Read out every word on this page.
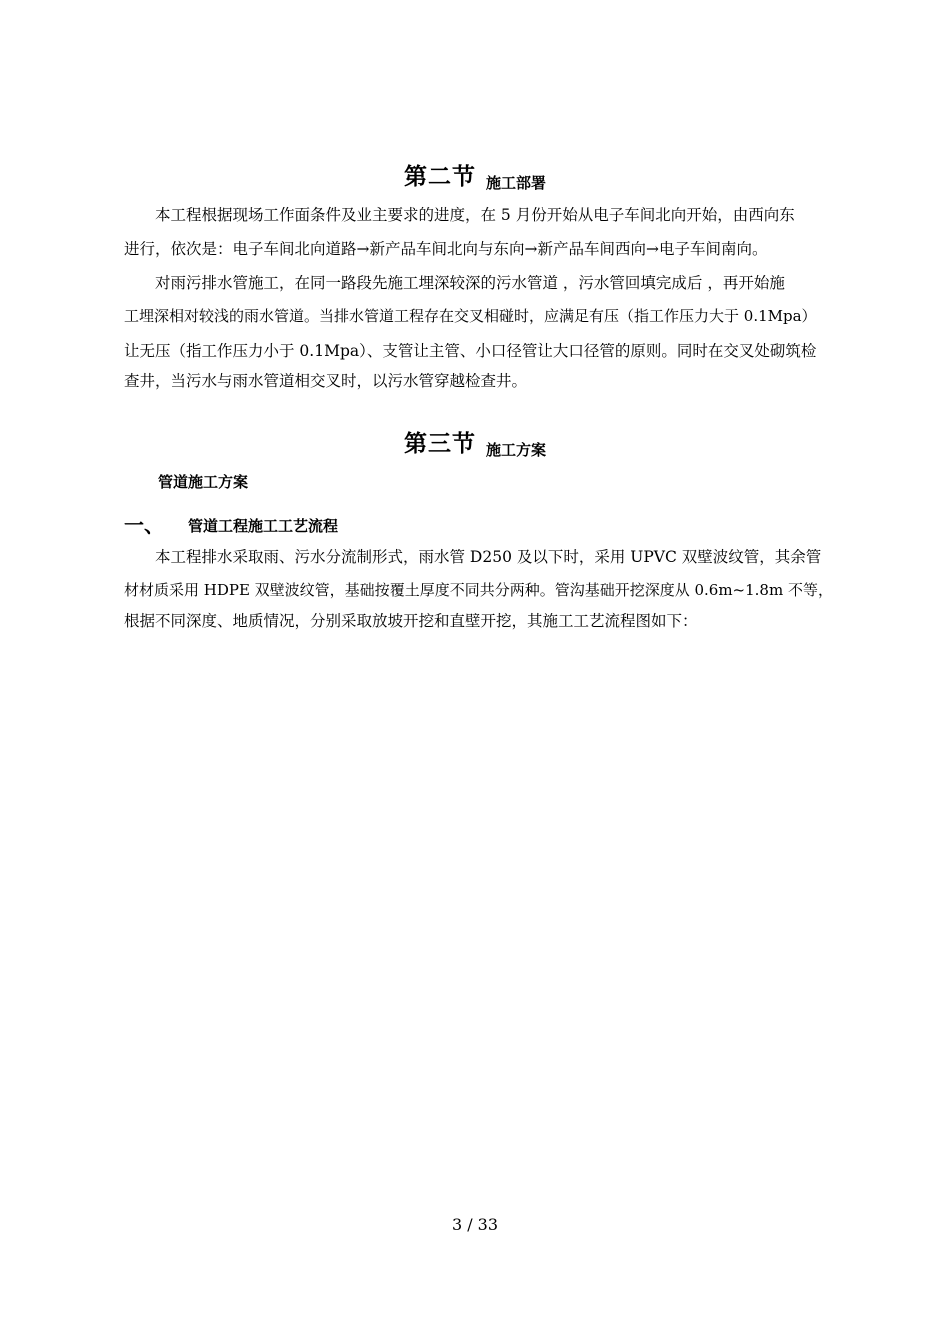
第二节 施工部署
本工程根据现场工作面条件及业主要求的进度，在 5 月份开始从电子车间北向开始，由西向东
进行，依次是：电子车间北向道路→新产品车间北向与东向→新产品车间西向→电子车间南向。
对雨污排水管施工，在同一路段先施工埋深较深的污水管道 ，污水管回填完成后 ，再开始施
工埋深相对较浅的雨水管道。当排水管道工程存在交叉相碰时，应满足有压（指工作压力大于 0.1Mpa）
让无压（指工作压力小于 0.1Mpa）、支管让主管、小口径管让大口径管的原则。同时在交叉处砌筑检
查井，当污水与雨水管道相交叉时，以污水管穿越检查井。
第三节 施工方案
管道施工方案
一、 管道工程施工工艺流程
本工程排水采取雨、污水分流制形式，雨水管 D250 及以下时，采用 UPVC 双壁波纹管，其余管
材材质采用 HDPE 双壁波纹管，基础按覆土厚度不同共分两种。管沟基础开挖深度从 0.6m~1.8m 不等，
根据不同深度、地质情况，分别采取放坡开挖和直壁开挖，其施工工艺流程图如下：
3 / 33
